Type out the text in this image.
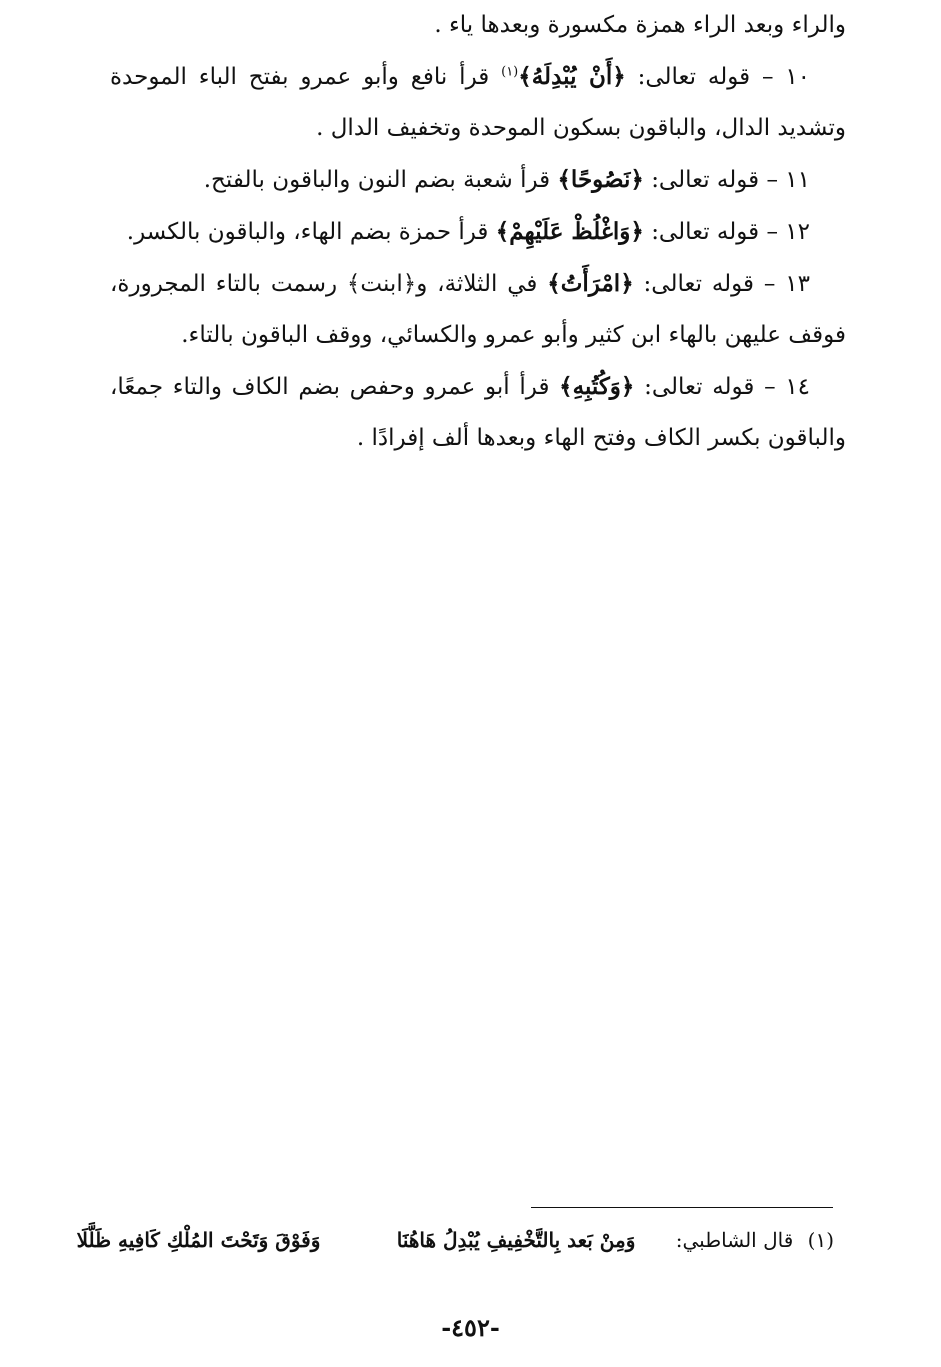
والراء وبعد الراء همزة مكسورة وبعدها ياء .

١٠ – قوله تعالى: ﴿أَنْ يُبْدِلَهُ﴾$^{(١)}$ قرأ نافع وأبو عمرو بفتح الباء الموحدة وتشديد الدال، والباقون بسكون الموحدة وتخفيف الدال .

١١ – قوله تعالى: ﴿نَصُوحًا﴾ قرأ شعبة بضم النون والباقون بالفتح.

١٢ – قوله تعالى: ﴿وَاغْلُظْ عَلَيْهِمْ﴾ قرأ حمزة بضم الهاء، والباقون بالكسر.

١٣ – قوله تعالى: ﴿امْرَأَتُ﴾ في الثلاثة، و﴿ابنت﴾ رسمت بالتاء المجرورة، فوقف عليهن بالهاء ابن كثير وأبو عمرو والكسائي، ووقف الباقون بالتاء.

١٤ – قوله تعالى: ﴿وَكُتُبِهِ﴾ قرأ أبو عمرو وحفص بضم الكاف والتاء جمعًا، والباقون بكسر الكاف وفتح الهاء وبعدها ألف إفرادًا .

(١) قال الشاطبي: وَمِنْ بَعد بِالتَّخْفِيفِ يُبْدِلُ هَاهُنَا وَفَوْقَ وَتَحْتَ المُلْكِ كَافِيهِ ظَلَّلَا
-٤٥٢-
